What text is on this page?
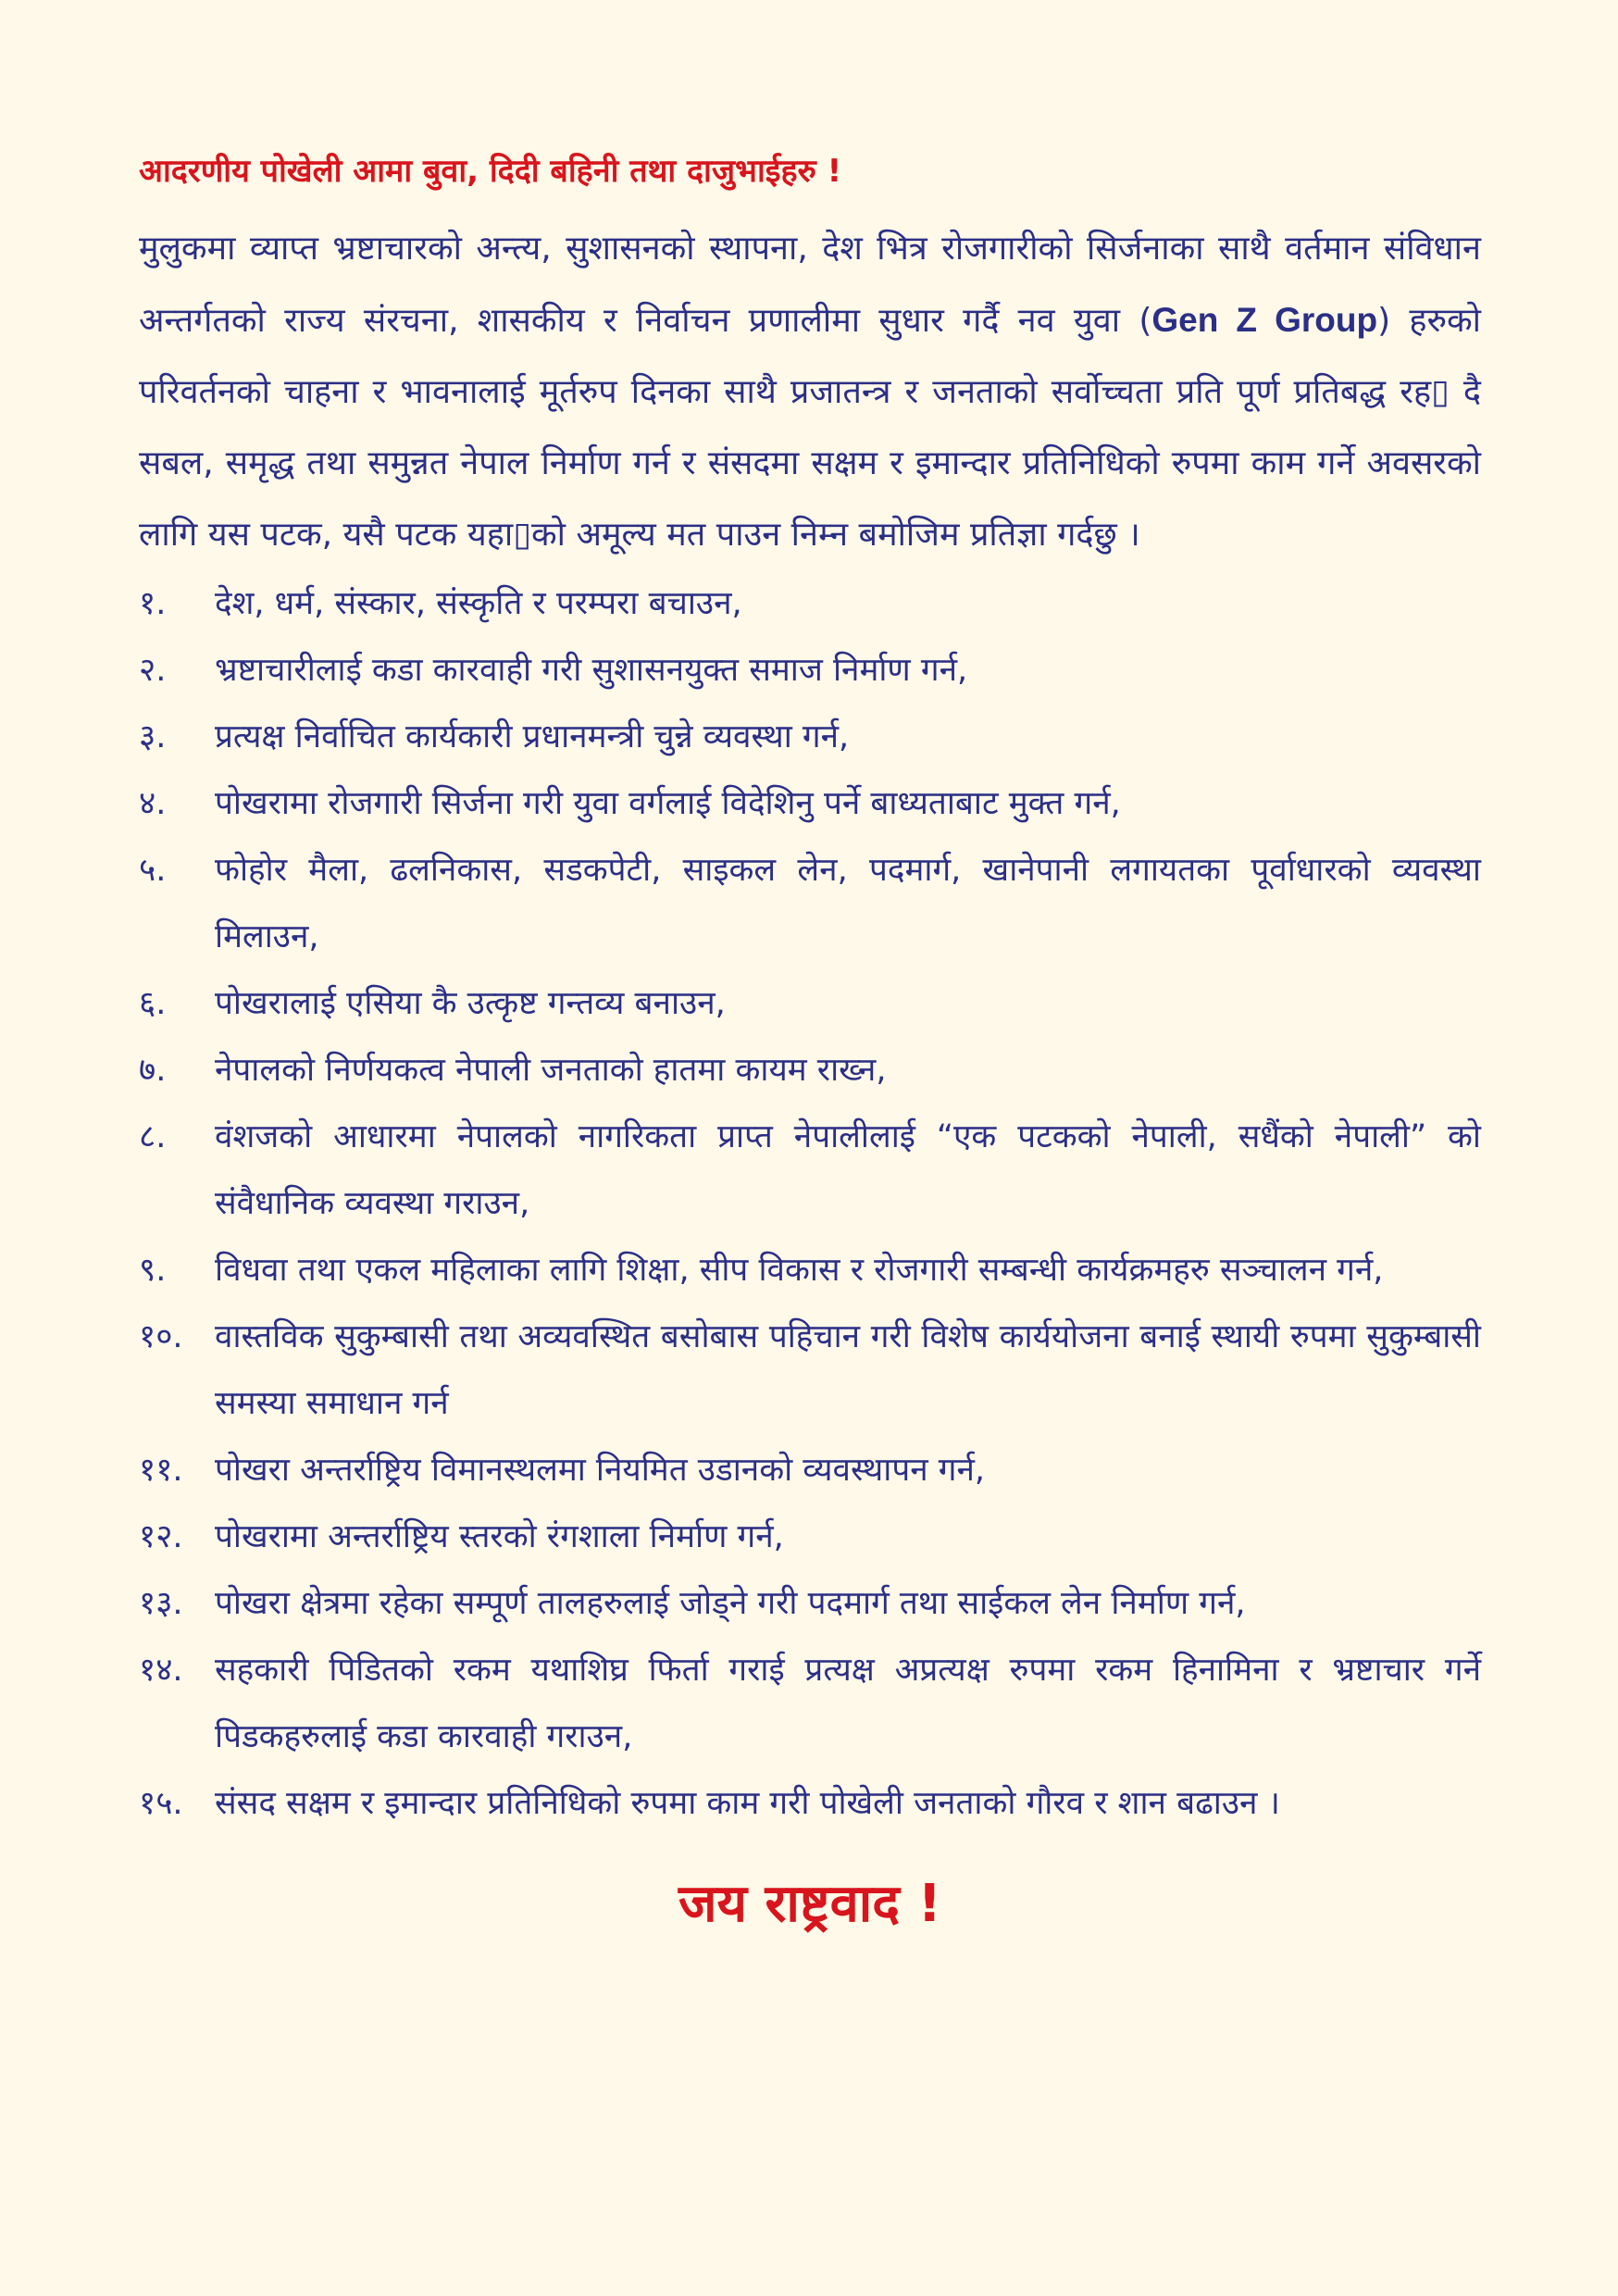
आदरणीय पोखेली आमा बुवा, दिदी बहिनी तथा दाजुभाईहरु !

मुलुकमा व्याप्त भ्रष्टाचारको अन्त्य, सुशासनको स्थापना, देश भित्र रोजगारीको सिर्जनाका साथै वर्तमान संविधान अन्तर्गतको राज्य संरचना, शासकीय र निर्वाचन प्रणालीमा सुधार गर्दै नव युवा (Gen Z Group) हरुको परिवर्तनको चाहना र भावनालाई मूर्तरुप दिनका साथै प्रजातन्त्र र जनताको सर्वोच्चता प्रति पूर्ण प्रतिबद्ध रह▯ दै सबल, समृद्ध तथा समुन्नत नेपाल निर्माण गर्न र संसदमा सक्षम र इमान्दार प्रतिनिधिको रुपमा काम गर्ने अवसरको लागि यस पटक, यसै पटक यहा▯को अमूल्य मत पाउन निम्न बमोजिम प्रतिज्ञा गर्दछु ।

१.	देश, धर्म, संस्कार, संस्कृति र परम्परा बचाउन,
२.	भ्रष्टाचारीलाई कडा कारवाही गरी सुशासनयुक्त समाज निर्माण गर्न,
३.	प्रत्यक्ष निर्वाचित कार्यकारी प्रधानमन्त्री चुन्ने व्यवस्था गर्न,
४.	पोखरामा रोजगारी सिर्जना गरी युवा वर्गलाई विदेशिनु पर्ने बाध्यताबाट मुक्त गर्न,
५.	फोहोर मैला, ढलनिकास, सडकपेटी, साइकल लेन, पदमार्ग, खानेपानी लगायतका पूर्वाधारको व्यवस्था मिलाउन,
६.	पोखरालाई एसिया कै उत्कृष्ट गन्तव्य बनाउन,
७.	नेपालको निर्णयकत्व नेपाली जनताको हातमा कायम राख्न,
८.	वंशजको आधारमा नेपालको नागरिकता प्राप्त नेपालीलाई “एक पटकको नेपाली, सधैंको नेपाली” को संवैधानिक व्यवस्था गराउन,
९.	विधवा तथा एकल महिलाका लागि शिक्षा, सीप विकास र रोजगारी सम्बन्धी कार्यक्रमहरु सञ्चालन गर्न,
१०. वास्तविक सुकुम्बासी तथा अव्यवस्थित बसोबास पहिचान गरी विशेष कार्ययोजना बनाई स्थायी रुपमा सुकुम्बासी समस्या समाधान गर्न
११. पोखरा अन्तर्राष्ट्रिय विमानस्थलमा नियमित उडानको व्यवस्थापन गर्न,
१२. पोखरामा अन्तर्राष्ट्रिय स्तरको रंगशाला निर्माण गर्न,
१३. पोखरा क्षेत्रमा रहेका सम्पूर्ण तालहरुलाई जोड्ने गरी पदमार्ग तथा साईकल लेन निर्माण गर्न,
१४. सहकारी पिडितको रकम यथाशिघ्र फिर्ता गराई प्रत्यक्ष अप्रत्यक्ष रुपमा रकम हिनामिना र भ्रष्टाचार गर्ने पिडकहरुलाई कडा कारवाही गराउन,
१५. संसद सक्षम र इमान्दार प्रतिनिधिको रुपमा काम गरी पोखेली जनताको गौरव र शान बढाउन ।
जय राष्ट्रवाद !
